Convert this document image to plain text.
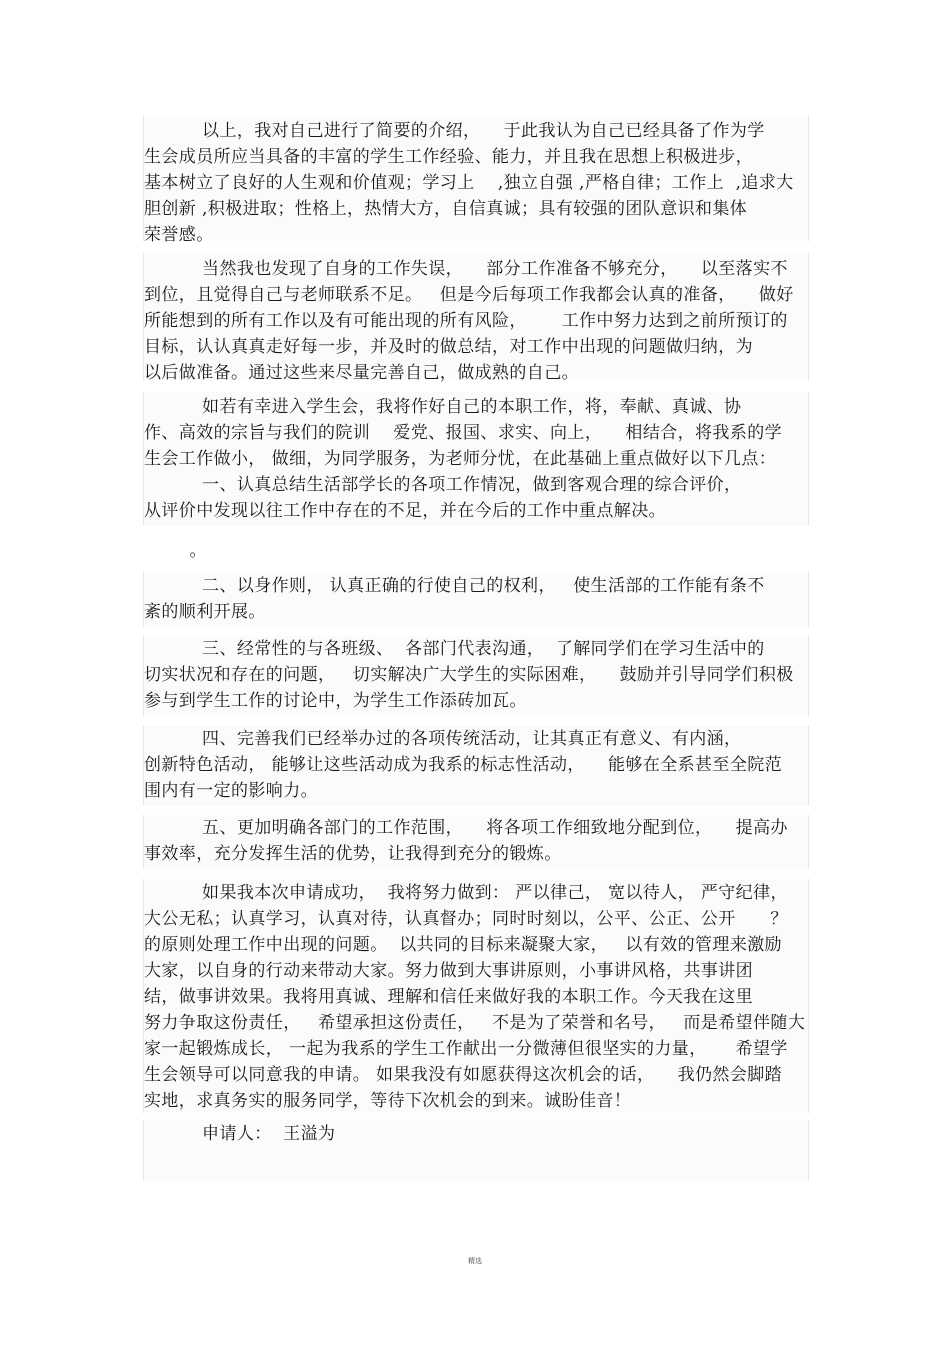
以上，我对自己进行了简要的介绍，    于此我认为自己已经具备了作为学
生会成员所应当具备的丰富的学生工作经验、能力，并且我在思想上积极进步，
基本树立了良好的人生观和价值观；学习上    ,独立自强 ,严格自律；工作上  ,追求大
胆创新 ,积极进取；性格上，热情大方，自信真诚；具有较强的团队意识和集体
荣誉感。

当然我也发现了自身的工作失误，    部分工作准备不够充分，    以至落实不
到位，且觉得自己与老师联系不足。   但是今后每项工作我都会认真的准备，    做好
所能想到的所有工作以及有可能出现的所有风险，      工作中努力达到之前所预订的
目标，认认真真走好每一步，并及时的做总结，对工作中出现的问题做归纳，为
以后做准备。通过这些来尽量完善自己，做成熟的自己。

如若有幸进入学生会，我将作好自己的本职工作，将，奉献、真诚、协
作、高效的宗旨与我们的院训    爱党、报国、求实、向上，    相结合，将我系的学
生会工作做小， 做细，为同学服务，为老师分忧，在此基础上重点做好以下几点：
一、认真总结生活部学长的各项工作情况，做到客观合理的综合评价，
从评价中发现以往工作中存在的不足，并在今后的工作中重点解决。

。

二、以身作则， 认真正确的行使自己的权利，   使生活部的工作能有条不
紊的顺利开展。

三、经常性的与各班级、  各部门代表沟通，  了解同学们在学习生活中的
切实状况和存在的问题，   切实解决广大学生的实际困难，    鼓励并引导同学们积极
参与到学生工作的讨论中，为学生工作添砖加瓦。

四、完善我们已经举办过的各项传统活动，让其真正有意义、有内涵，
创新特色活动， 能够让这些活动成为我系的标志性活动，    能够在全系甚至全院范
围内有一定的影响力。

五、更加明确各部门的工作范围，    将各项工作细致地分配到位，    提高办
事效率，充分发挥生活的优势，让我得到充分的锻炼。

如果我本次申请成功，  我将努力做到： 严以律己， 宽以待人， 严守纪律，
大公无私；认真学习，认真对待，认真督办；同时时刻以，公平、公正、公开      ？
的原则处理工作中出现的问题。  以共同的目标来凝聚大家，   以有效的管理来激励
大家，以自身的行动来带动大家。努力做到大事讲原则，小事讲风格，共事讲团
结，做事讲效果。我将用真诚、理解和信任来做好我的本职工作。今天我在这里
努力争取这份责任，   希望承担这份责任，   不是为了荣誉和名号，   而是希望伴随大
家一起锻炼成长， 一起为我系的学生工作献出一分微薄但很坚实的力量，     希望学
生会领导可以同意我的申请。 如果我没有如愿获得这次机会的话，    我仍然会脚踏
实地，求真务实的服务同学，等待下次机会的到来。诚盼佳音！

申请人：  王溢为

精选
